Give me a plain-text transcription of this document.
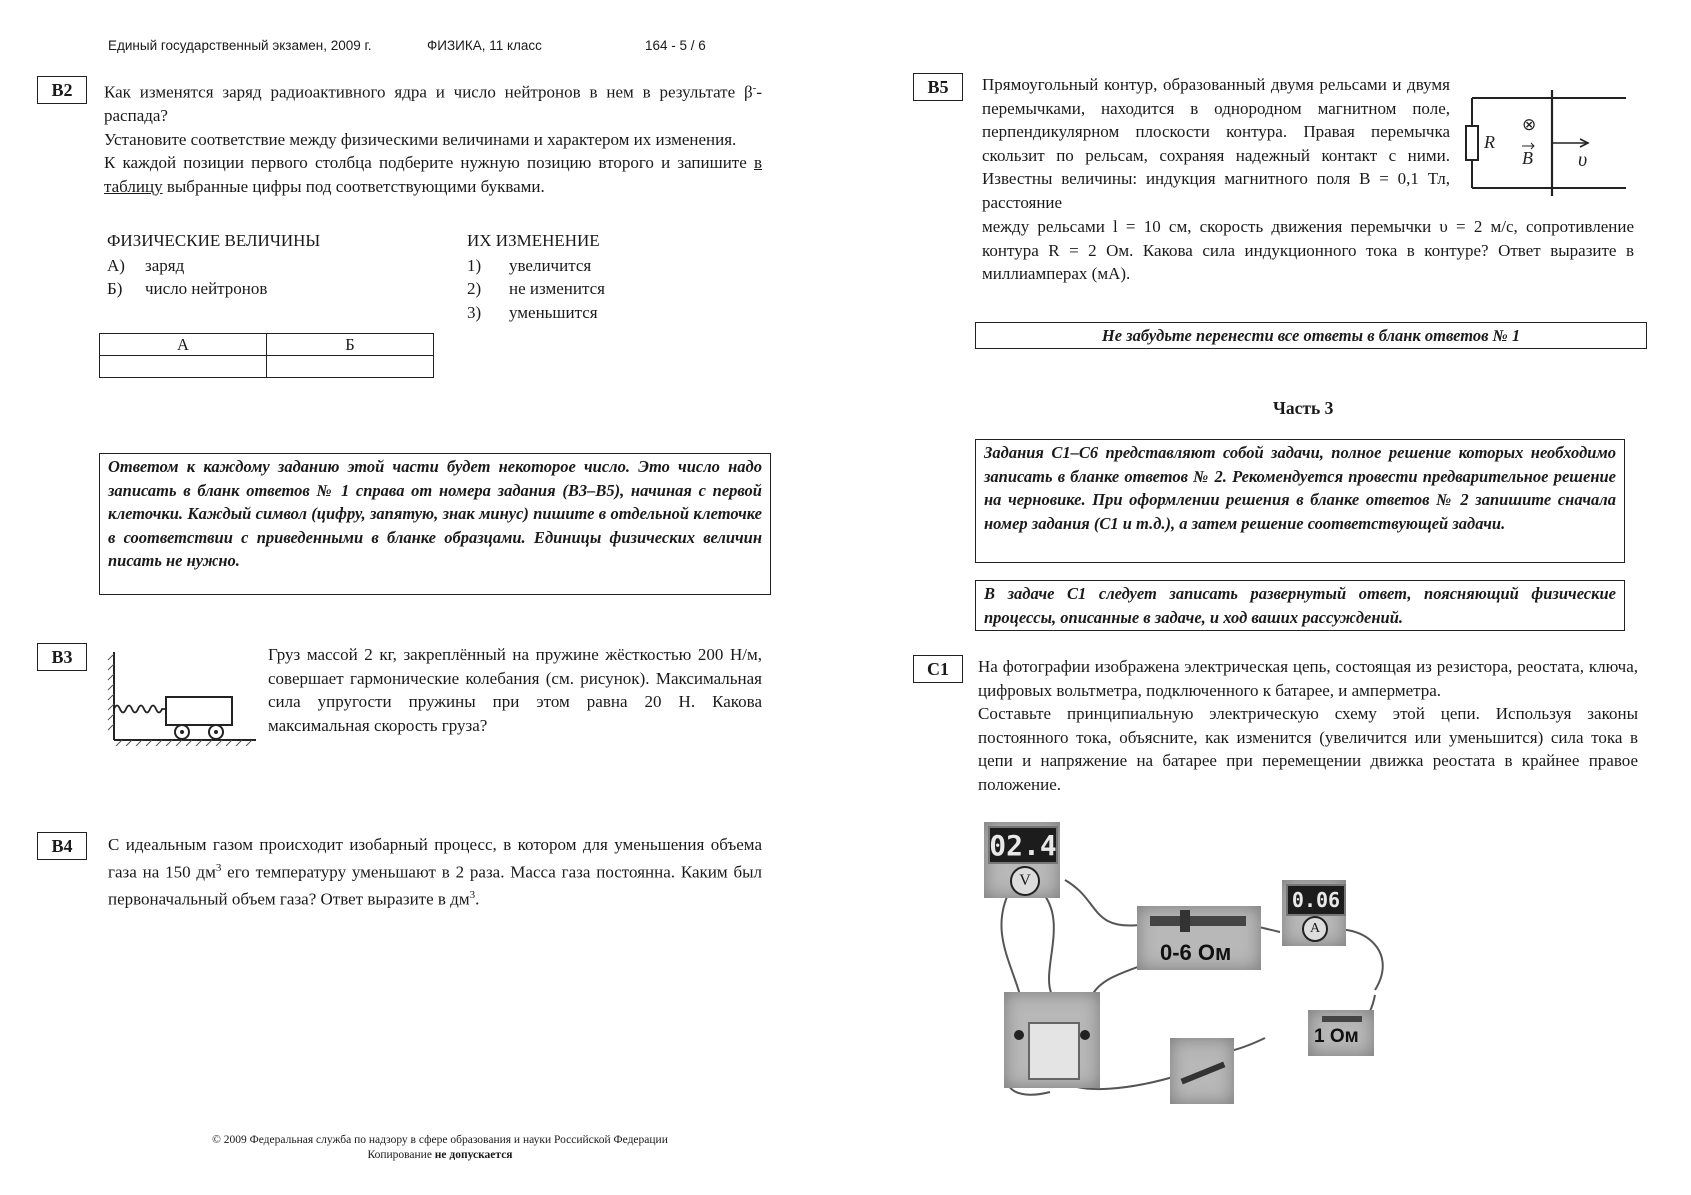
Единый государственный экзамен, 2009 г.	ФИЗИКА, 11 класс	164 - 5 / 6
B2	Как изменятся заряд радиоактивного ядра и число нейтронов в нем в результате β--распада?

Установите соответствие между физическими величинами и характером их изменения.

К каждой позиции первого столбца подберите нужную позицию второго и запишите в таблицу выбранные цифры под соответствующими буквами.

ФИЗИЧЕСКИЕ ВЕЛИЧИНЫ
А)	заряд
Б)	число нейтронов
ИХ ИЗМЕНЕНИЕ
1)	увеличится
2)	не изменится
3)	уменьшится
А	Б

Ответом к каждому заданию этой части будет некоторое число. Это число надо записать в бланк ответов № 1 справа от номера задания (В3–В5), начиная с первой клеточки. Каждый символ (цифру, запятую, знак минус) пишите в отдельной клеточке в соответствии с приведенными в бланке образцами. Единицы физических величин писать не нужно.
B3	Груз массой 2 кг, закреплённый на пружине жёсткостью 200 Н/м, совершает гармонические колебания (см. рисунок). Максимальная сила упругости пружины при этом равна 20 Н. Какова максимальная скорость груза?
B4	С идеальным газом происходит изобарный процесс, в котором для уменьшения объема газа на 150 $дм^3$ его температуру уменьшают в 2 раза. Масса газа постоянна. Каким был первоначальный объем газа? Ответ выразите в $дм^3$.
© 2009 Федеральная служба по надзору в сфере образования и науки Российской Федерации
Копирование не допускается
B5	Прямоугольный контур, образованный двумя рельсами и двумя перемычками, находится в однородном магнитном поле, перпендикулярном плоскости контура. Правая перемычка скользит по рельсам, сохраняя надежный контакт с ними. Известны величины: индукция магнитного поля B = 0,1 Тл, расстояние
R
⊗
B υ
между рельсами l = 10 см, скорость движения перемычки υ = 2 м/с, сопротивление контура R = 2 Ом. Какова сила индукционного тока в контуре? Ответ выразите в миллиамперах (мА).
Не забудьте перенести все ответы в бланк ответов № 1
Часть 3
Задания С1–С6 представляют собой задачи, полное решение которых необходимо записать в бланке ответов № 2. Рекомендуется провести предварительное решение на черновике. При оформлении решения в бланке ответов № 2 запишите сначала номер задания (С1 и т.д.), а затем решение соответствующей задачи.
В задаче С1 следует записать развернутый ответ, поясняющий физические процессы, описанные в задаче, и ход ваших рассуждений.
C1	На фотографии изображена электрическая цепь, состоящая из резистора, реостата, ключа, цифровых вольтметра, подключенного к батарее, и амперметра.

Составьте принципиальную электрическую схему этой цепи. Используя законы постоянного тока, объясните, как изменится (увеличится или уменьшится) сила тока в цепи и напряжение на батарее при перемещении движка реостата в крайнее правое положение.

02.4
V
0-6 Ом
0.06
A
1 Ом
